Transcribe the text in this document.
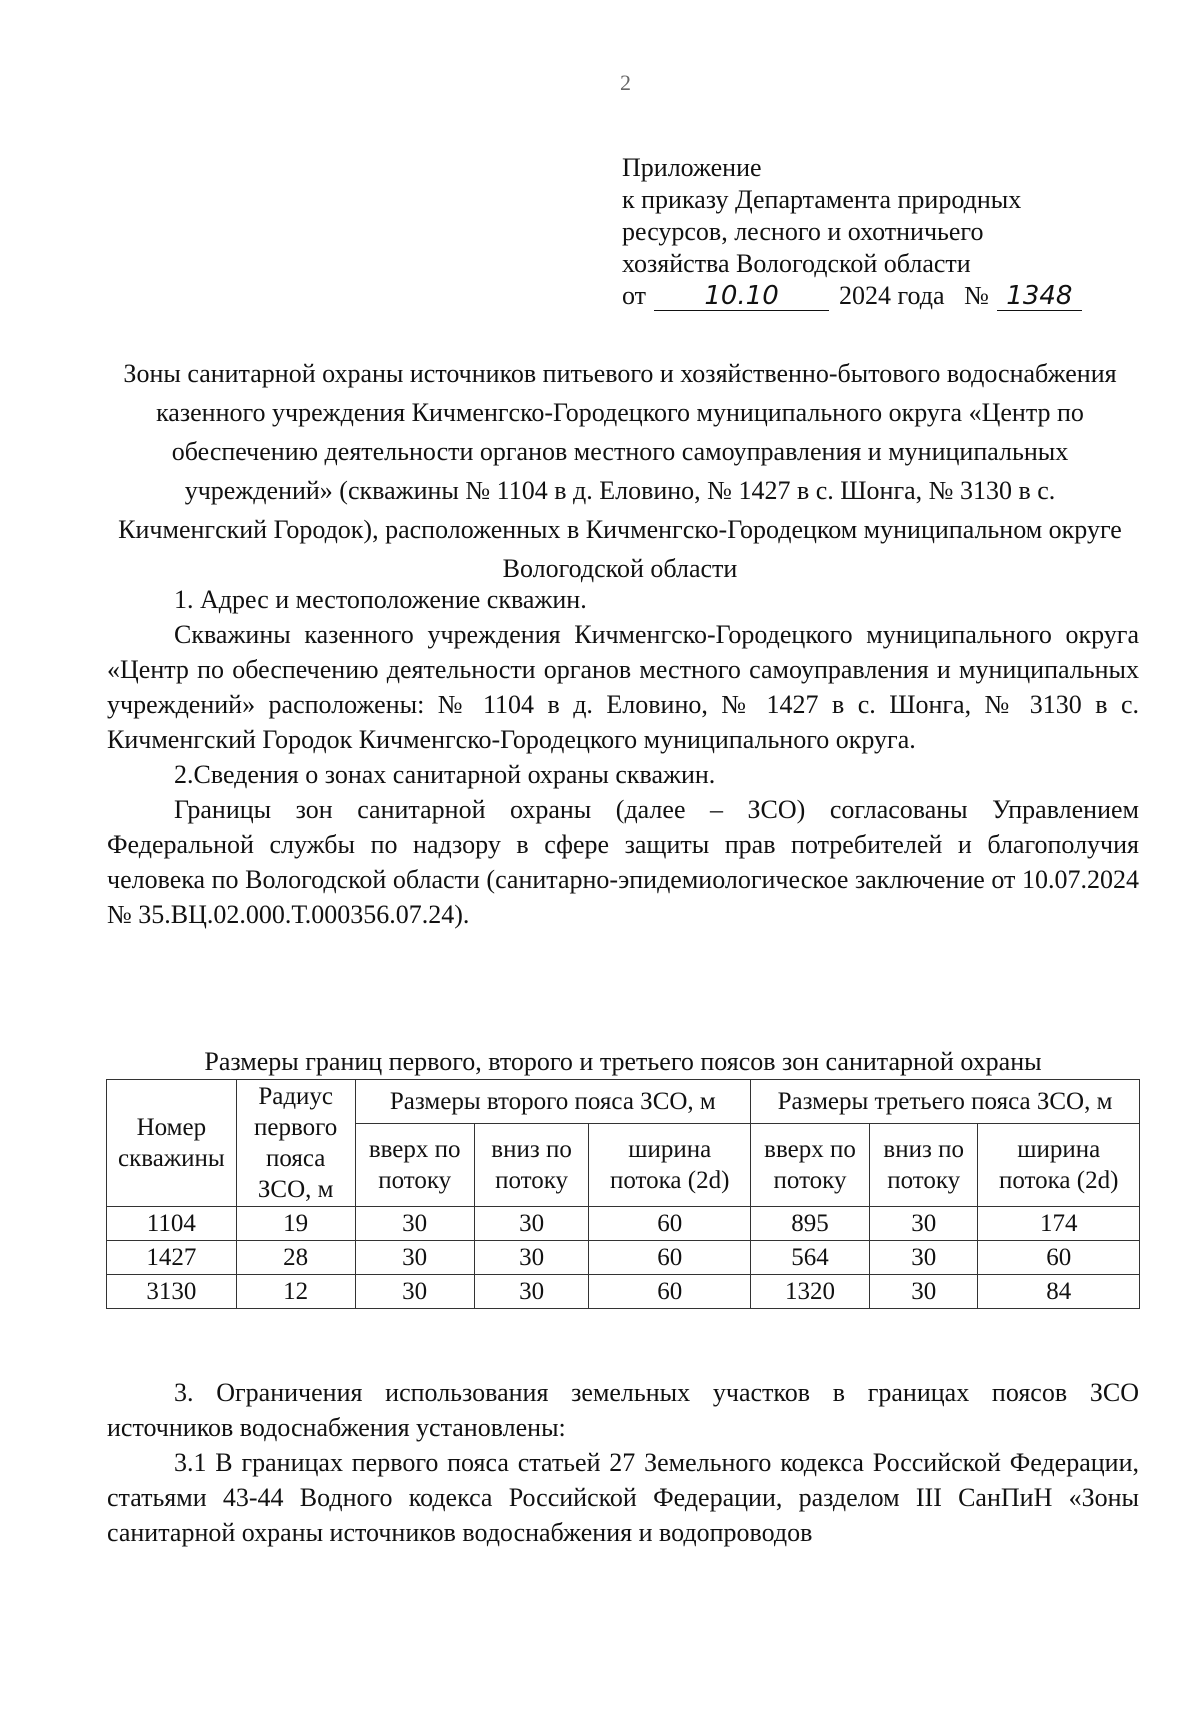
2
Приложение
к приказу Департамента природных
ресурсов, лесного и охотничьего
хозяйства Вологодской области
от 10.10 2024 года № 1348
Зоны санитарной охраны источников питьевого и хозяйственно-бытового водоснабжения казенного учреждения Кичменгско-Городецкого муниципального округа «Центр по обеспечению деятельности органов местного самоуправления и муниципальных учреждений» (скважины № 1104 в д. Еловино, № 1427 в с. Шонга, № 3130 в с. Кичменгский Городок), расположенных в Кичменгско-Городецком муниципальном округе Вологодской области
1. Адрес и местоположение скважин.
Скважины казенного учреждения Кичменгско-Городецкого муниципального округа «Центр по обеспечению деятельности органов местного самоуправления и муниципальных учреждений» расположены: № 1104 в д. Еловино, № 1427 в с. Шонга, № 3130 в с. Кичменгский Городок Кичменгско-Городецкого муниципального округа.
2.Сведения о зонах санитарной охраны скважин.
Границы зон санитарной охраны (далее – ЗСО) согласованы Управлением Федеральной службы по надзору в сфере защиты прав потребителей и благополучия человека по Вологодской области (санитарно-эпидемиологическое заключение от 10.07.2024 № 35.ВЦ.02.000.Т.000356.07.24).
Размеры границ первого, второго и третьего поясов зон санитарной охраны
Номер скважины	Радиус первого пояса ЗСО, м	Размеры второго пояса ЗСО, м			Размеры третьего пояса ЗСО, м		
		вверх по потоку	вниз по потоку	ширина потока (2d)	вверх по потоку	вниз по потоку	ширина потока (2d)
1104	19	30	30	60	895	30	174
1427	28	30	30	60	564	30	60
3130	12	30	30	60	1320	30	84
3. Ограничения использования земельных участков в границах поясов ЗСО источников водоснабжения установлены:
3.1 В границах первого пояса статьей 27 Земельного кодекса Российской Федерации, статьями 43-44 Водного кодекса Российской Федерации, разделом III СанПиН «Зоны санитарной охраны источников водоснабжения и водопроводов
